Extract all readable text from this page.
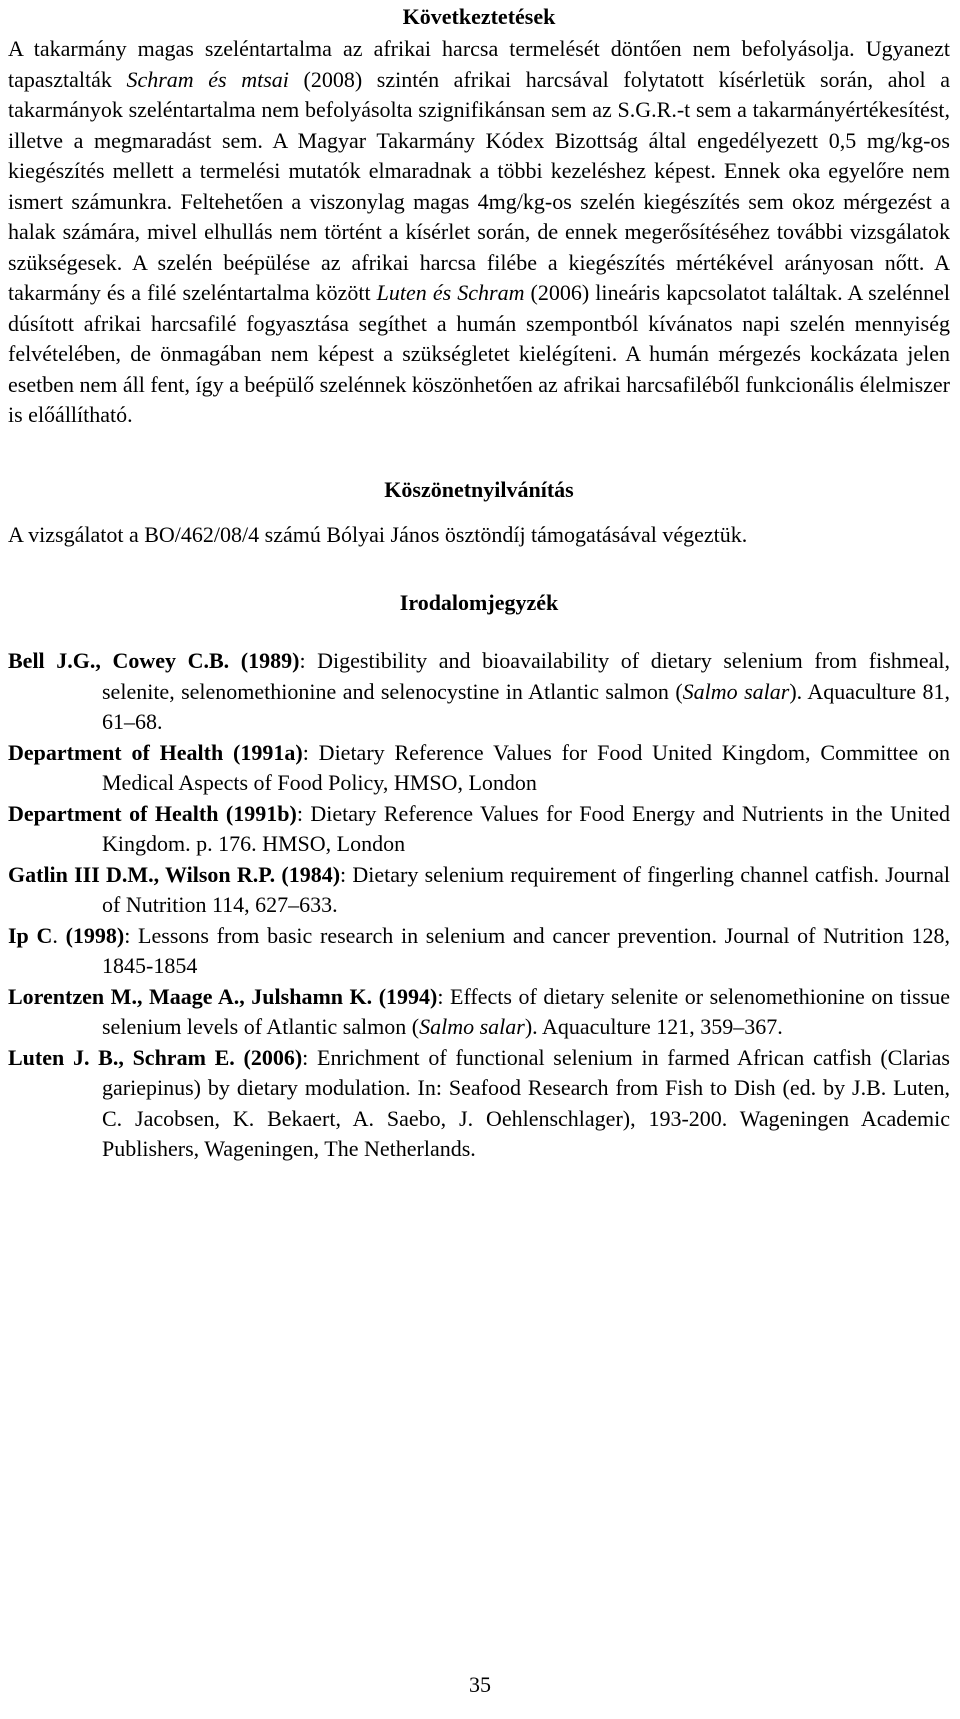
Következtetések

A takarmány magas szeléntartalma az afrikai harcsa termelését döntően nem befolyásolja. Ugyanezt tapasztalták Schram és mtsai (2008) szintén afrikai harcsával folytatott kísérletük során, ahol a takarmányok szeléntartalma nem befolyásolta szignifikánsan sem az S.G.R.-t sem a takarmányértékesítést, illetve a megmaradást sem. A Magyar Takarmány Kódex Bizottság által engedélyezett 0,5 mg/kg-os kiegészítés mellett a termelési mutatók elmaradnak a többi kezeléshez képest. Ennek oka egyelőre nem ismert számunkra. Feltehetően a viszonylag magas 4mg/kg-os szelén kiegészítés sem okoz mérgezést a halak számára, mivel elhullás nem történt a kísérlet során, de ennek megerősítéséhez további vizsgálatok szükségesek. A szelén beépülése az afrikai harcsa filébe a kiegészítés mértékével arányosan nőtt. A takarmány és a filé szeléntartalma között Luten és Schram (2006) lineáris kapcsolatot találtak. A szelénnel dúsított afrikai harcsafilé fogyasztása segíthet a humán szempontból kívánatos napi szelén mennyiség felvételében, de önmagában nem képest a szükségletet kielégíteni. A humán mérgezés kockázata jelen esetben nem áll fent, így a beépülő szelénnek köszönhetően az afrikai harcsafiléből funkcionális élelmiszer is előállítható.

Köszönetnyilvánítás

A vizsgálatot a BO/462/08/4 számú Bólyai János ösztöndíj támogatásával végeztük.

Irodalomjegyzék

Bell J.G., Cowey C.B. (1989): Digestibility and bioavailability of dietary selenium from fishmeal, selenite, selenomethionine and selenocystine in Atlantic salmon (Salmo salar). Aquaculture 81, 61–68.

Department of Health (1991a): Dietary Reference Values for Food United Kingdom, Committee on Medical Aspects of Food Policy, HMSO, London

Department of Health (1991b): Dietary Reference Values for Food Energy and Nutrients in the United Kingdom. p. 176. HMSO, London

Gatlin III D.M., Wilson R.P. (1984): Dietary selenium requirement of fingerling channel catfish. Journal of Nutrition 114, 627–633.

Ip C. (1998): Lessons from basic research in selenium and cancer prevention. Journal of Nutrition 128, 1845-1854

Lorentzen M., Maage A., Julshamn K. (1994): Effects of dietary selenite or selenomethionine on tissue selenium levels of Atlantic salmon (Salmo salar). Aquaculture 121, 359–367.

Luten J. B., Schram E. (2006): Enrichment of functional selenium in farmed African catfish (Clarias gariepinus) by dietary modulation. In: Seafood Research from Fish to Dish (ed. by J.B. Luten, C. Jacobsen, K. Bekaert, A. Saebo, J. Oehlenschlager), 193-200. Wageningen Academic Publishers, Wageningen, The Netherlands.

35
